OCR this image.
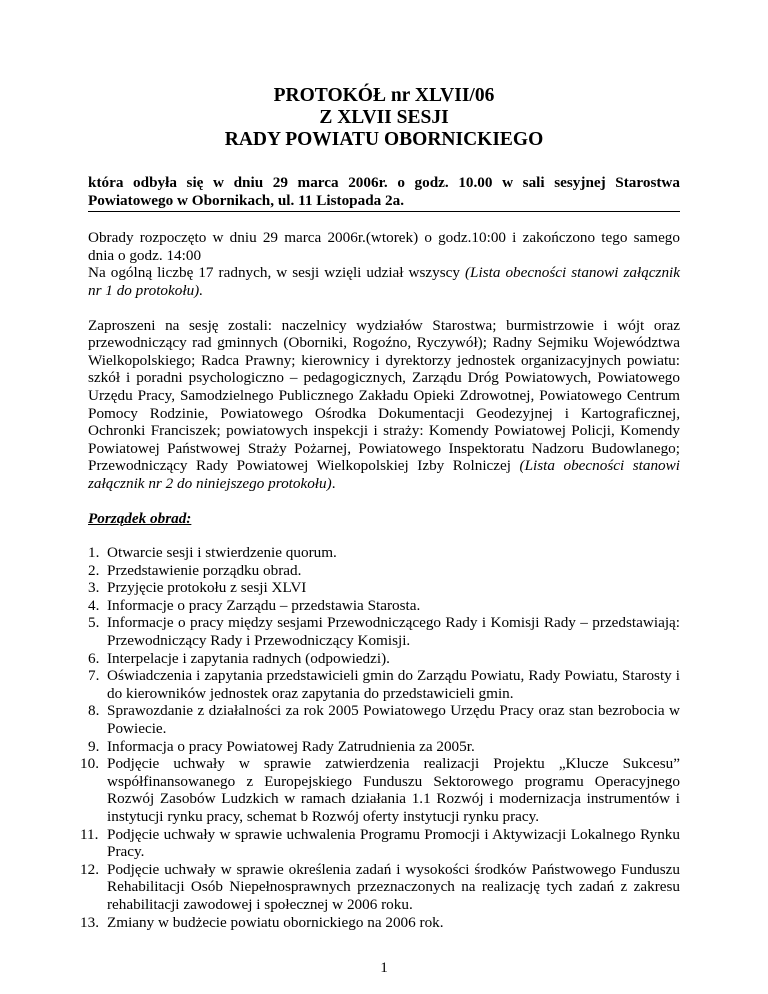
PROTOKÓŁ nr XLVII/06
Z XLVII SESJI
RADY POWIATU OBORNICKIEGO
która odbyła się w dniu 29 marca 2006r. o godz. 10.00 w sali sesyjnej Starostwa Powiatowego w Obornikach, ul. 11 Listopada 2a.

Obrady rozpoczęto w dniu 29 marca 2006r.(wtorek) o godz.10:00 i zakończono tego samego dnia o godz. 14:00
Na ogólną liczbę 17 radnych, w sesji wzięli udział wszyscy (Lista obecności stanowi załącznik nr 1 do protokołu).

Zaproszeni na sesję zostali: naczelnicy wydziałów Starostwa; burmistrzowie i wójt oraz przewodniczący rad gminnych (Oborniki, Rogoźno, Ryczywół); Radny Sejmiku Województwa Wielkopolskiego; Radca Prawny; kierownicy i dyrektorzy jednostek organizacyjnych powiatu: szkół i poradni psychologiczno – pedagogicznych, Zarządu Dróg Powiatowych, Powiatowego Urzędu Pracy, Samodzielnego Publicznego Zakładu Opieki Zdrowotnej, Powiatowego Centrum Pomocy Rodzinie, Powiatowego Ośrodka Dokumentacji Geodezyjnej i Kartograficznej, Ochronki Franciszek; powiatowych inspekcji i straży: Komendy Powiatowej Policji, Komendy Powiatowej Państwowej Straży Pożarnej, Powiatowego Inspektoratu Nadzoru Budowlanego; Przewodniczący Rady Powiatowej Wielkopolskiej Izby Rolniczej (Lista obecności stanowi załącznik nr 2 do niniejszego protokołu).

Porządek obrad:

1. Otwarcie sesji i stwierdzenie quorum.
2. Przedstawienie porządku obrad.
3. Przyjęcie protokołu z sesji XLVI
4. Informacje o pracy Zarządu – przedstawia Starosta.
5. Informacje o pracy między sesjami Przewodniczącego Rady i Komisji Rady – przedstawiają: Przewodniczący Rady i Przewodniczący Komisji.
6. Interpelacje i zapytania radnych (odpowiedzi).
7. Oświadczenia i zapytania przedstawicieli gmin do Zarządu Powiatu, Rady Powiatu, Starosty i do kierowników jednostek oraz zapytania do przedstawicieli gmin.
8. Sprawozdanie z działalności za rok 2005 Powiatowego Urzędu Pracy oraz stan bezrobocia w Powiecie.
9. Informacja o pracy Powiatowej Rady Zatrudnienia za 2005r.
10. Podjęcie uchwały w sprawie zatwierdzenia realizacji Projektu „Klucze Sukcesu” współfinansowanego z Europejskiego Funduszu Sektorowego programu Operacyjnego Rozwój Zasobów Ludzkich w ramach działania 1.1 Rozwój i modernizacja instrumentów i instytucji rynku pracy, schemat b Rozwój oferty instytucji rynku pracy.
11. Podjęcie uchwały w sprawie uchwalenia Programu Promocji i Aktywizacji Lokalnego Rynku Pracy.
12. Podjęcie uchwały w sprawie określenia zadań i wysokości środków Państwowego Funduszu Rehabilitacji Osób Niepełnosprawnych przeznaczonych na realizację tych zadań z zakresu rehabilitacji zawodowej i społecznej w 2006 roku.
13. Zmiany w budżecie powiatu obornickiego na 2006 rok.
1
